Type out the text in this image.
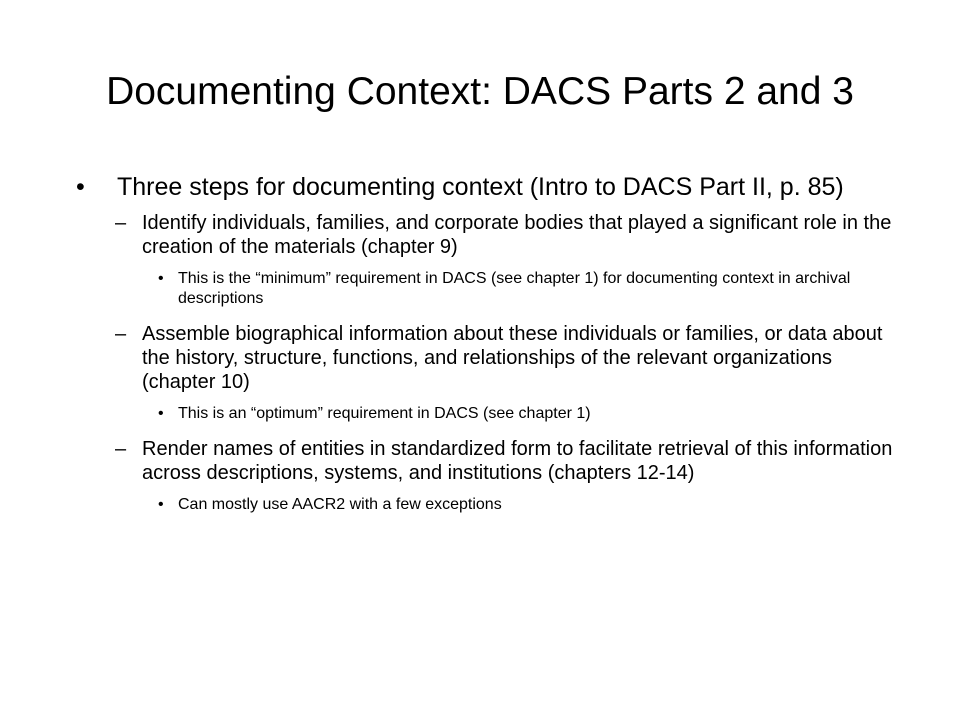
Documenting Context: DACS Parts 2 and 3
• Three steps for documenting context (Intro to DACS Part II, p. 85)
– Identify individuals, families, and corporate bodies that played a significant role in the creation of the materials (chapter 9)
• This is the “minimum” requirement in DACS (see chapter 1) for documenting context in archival descriptions
– Assemble biographical information about these individuals or families, or data about the history, structure, functions, and relationships of the relevant organizations (chapter 10)
• This is an “optimum” requirement in DACS (see chapter 1)
– Render names of entities in standardized form to facilitate retrieval of this information across descriptions, systems, and institutions (chapters 12-14)
• Can mostly use AACR2 with a few exceptions
